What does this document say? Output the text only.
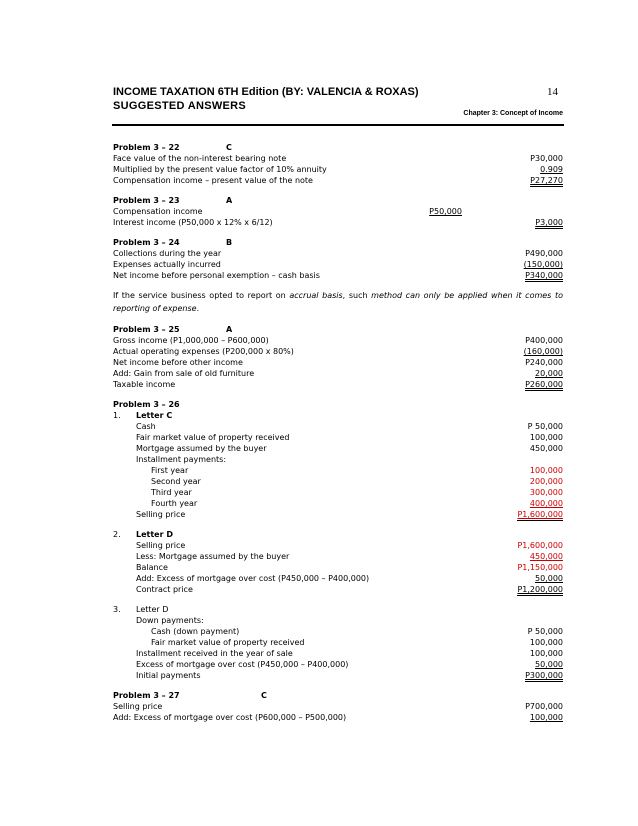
INCOME TAXATION 6TH Edition (BY: VALENCIA & ROXAS)
SUGGESTED ANSWERS
14
Chapter 3: Concept of Income
Problem 3 – 22	C
Face value of the non-interest bearing note	P30,000
Multiplied by the present value factor of 10% annuity	0.909
Compensation income – present value of the note	P27,270
Problem 3 – 23	A
Compensation income	P50,000
Interest income (P50,000 x 12% x 6/12)	P3,000
Problem 3 – 24	B
Collections during the year	P490,000
Expenses actually incurred	(150,000)
Net income before personal exemption – cash basis	P340,000
If the service business opted to report on accrual basis, such method can only be applied when it comes to reporting of expense.
Problem 3 – 25	A
Gross income (P1,000,000 – P600,000)	P400,000
Actual operating expenses (P200,000 x 80%)	(160,000)
Net income before other income	P240,000
Add: Gain from sale of old furniture	20,000
Taxable income	P260,000
Problem 3 – 26
1. Letter C
Cash	P 50,000
Fair market value of property received	100,000
Mortgage assumed by the buyer	450,000
Installment payments:
First year	100,000
Second year	200,000
Third year	300,000
Fourth year	400,000
Selling price	P1,600,000
2. Letter D
Selling price	P1,600,000
Less: Mortgage assumed by the buyer	450,000
Balance	P1,150,000
Add: Excess of mortgage over cost (P450,000 – P400,000)	50,000
Contract price	P1,200,000
3. Letter D
Down payments:
Cash (down payment)	P 50,000
Fair market value of property received	100,000
Installment received in the year of sale	100,000
Excess of mortgage over cost (P450,000 – P400,000)	50,000
Initial payments	P300,000
Problem 3 – 27	C
Selling price	P700,000
Add: Excess of mortgage over cost (P600,000 – P500,000)	100,000
